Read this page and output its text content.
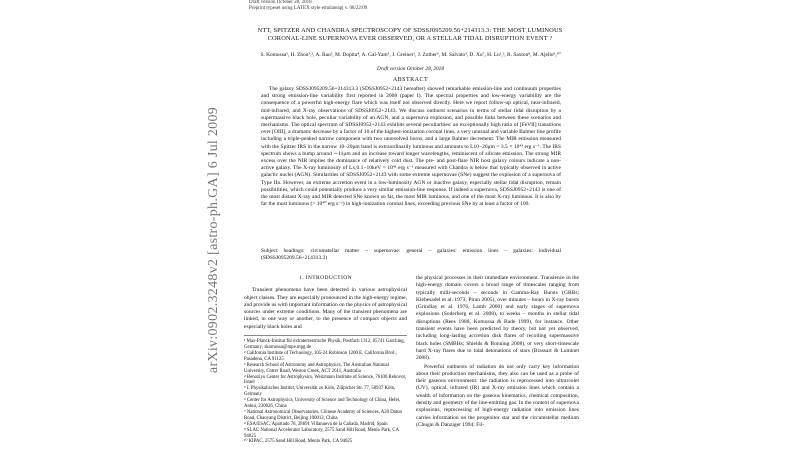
arXiv:0902.3248v2 [astro-ph.GA] 6 Jul 2009
Draft version October 28, 2018
Preprint typeset using LATEX style emulateapj v. 08/22/09
NTT, SPITZER AND CHANDRA SPECTROSCOPY OF SDSSJ095209.56+214313.3: THE MOST LUMINOUS CORONAL-LINE SUPERNOVA EVER OBSERVED, OR A STELLAR TIDAL DISRUPTION EVENT ?
S. Komossa¹, H. Zhou¹,², A. Rau³, M. Dopita⁴, A. Gal-Yam⁵, J. Greiner¹, J. Zuther⁶, M. Salvato³, D. Xu⁷, H. Lu¹,², R. Saxton⁸, M. Ajello⁹,¹⁰
Draft version October 28, 2018
ABSTRACT

The galaxy SDSSJ095209.56+214313.3 (SDSSJ0952+2143 hereafter) showed remarkable emission-line and continuum properties and strong emission-line variability first reported in 2008 (paper I). The spectral properties and low-energy variability are the consequence of a powerful high-energy flare which was itself not observed directly. Here we report follow-up optical, near-infrared, mid-infrared, and X-ray observations of SDSSJ0952+2143. We discuss outburst scenarios in terms of stellar tidal disruption by a supermassive black hole, peculiar variability of an AGN, and a supernova explosion, and possible links between these scenarios and mechanisms. The optical spectrum of SDSSJ0952+2143 exhibits several peculiarities: an exceptionally high ratio of [FeVII] transitions over [OIII], a dramatic decrease by a factor of 10 of the highest-ionization coronal lines, a very unusual and variable Balmer line profile including a triple-peaked narrow component with two unresolved horns, and a large Balmer decrement. The MIR emission measured with the Spitzer IRS in the narrow 10–20μm band is extraordinarily luminous and amounts to L10−20μm = 3.5 × 10⁴³ erg s⁻¹. The IRS spectrum shows a bump around ∼11μm and an increase toward longer wavelengths, reminiscent of silicate emission. The strong MIR excess over the NIR implies the dominance of relatively cold dust. The pre- and post-flare NIR host galaxy colours indicate a non-active galaxy. The X-ray luminosity of Lx,0.1−10keV = 10⁴¹ erg s⁻¹ measured with Chandra is below that typically observed in active galactic nuclei (AGN). Similarities of SDSSJ0952+2143 with some extreme supernovae (SNe) suggest the explosion of a supernova of Type IIn. However, an extreme accretion event in a low-luminosity AGN or inactive galaxy, especially stellar tidal disruption, remain possibilities, which could potentially produce a very similar emission-line response. If indeed a supernova, SDSSJ0952+2143 is one of the most distant X-ray and MIR detected SNe known so far, the most MIR luminous, and one of the most X-ray luminous. It is also by far the most luminous (> 10⁴⁰ erg s⁻¹) in high-ionization coronal lines, exceeding previous SNe by at least a factor of 100.

Subject headings: circumstellar matter – supernovae: general – galaxies: emission lines – galaxies: individual (SDSSJ095209.56+214313.3)
1. INTRODUCTION

Transient phenomena have been detected in various astrophysical object classes. They are especially pronounced in the high-energy regime, and provide us with important information on the physics of astrophysical sources under extreme conditions. Many of the transient phenomena are linked, in one way or another, to the presence of compact objects and especially black holes and

¹ Max-Planck-Institut für extraterrestrische Physik, Postfach 1312, 85741 Garching, Germany; skomossa@mpe.mpg.de
² California Institute of Technology, 105-24 Robinson 1200 E. California Blvd., Pasadena, CA 91125
³ Research School of Astronomy and Astrophysics, The Australian National University, Cotter Road, Weston Creek, ACT 2611, Australia
⁴ Benoziyo Center for Astrophysics, Weizmann Institute of Science, 76100 Rehovot, Israel
⁵ I. Physikalisches Institut, Universität zu Köln, Zülpicher Str. 77, 50937 Köln, Germany
⁶ Center for Astrophysics, University of Science and Technology of China, Hefei, Anhui, 230026, China
⁷ National Astronomical Observatories, Chinese Academy of Sciences, A20 Datun Road, Chaoyang District, Beijing 100012, China
⁸ ESA/ESAC, Apartado 78, 28691 Villanueva de la Cañada, Madrid, Spain
⁹ SLAC National Accelerator Laboratory, 2575 Sand Hill Road, Menlo Park, CA 94025
¹⁰ KIPAC, 2575 Sand Hill Road, Menlo Park, CA 94025

the physical processes in their immediate environment. Transience in the high-energy domain covers a broad range of timescales ranging from typically milli-seconds – seconds in Gamma-Ray Bursts (GRBs; Klebesadel et al. 1973, Piran 2005), over minutes – hours in X-ray bursts (Grindlay et al. 1976, Lamb 2000) and early stages of supernova explosions (Soderberg et al. 2008), to weeks – months in stellar tidal disruptions (Rees 1988, Komossa & Bade 1999), for instance. Other transient events have been predicted by theory, but not yet observed, including long-lasting accretion disk flares of recoiling supermassive black holes (SMBHs; Shields & Bonning 2008), or very short-timescale hard X-ray flares due to tidal detonations of stars (Brassart & Luminet 2008).

Powerful outbursts of radiation do not only carry key information about their production mechanisms, they also can be used as a probe of their gaseous environment: the radiation is reprocessed into ultraviolet (UV), optical, infrared (IR) and X-ray emission lines which contain a wealth of information on the gaseous kinematics, chemical composition, density and geometry of the line-emitting gas. In the context of supernova explosions, reprocessing of high-energy radiation into emission lines carries information on the progenitor star and the circumstellar medium (Chugai & Danziger 1994; Fil-
